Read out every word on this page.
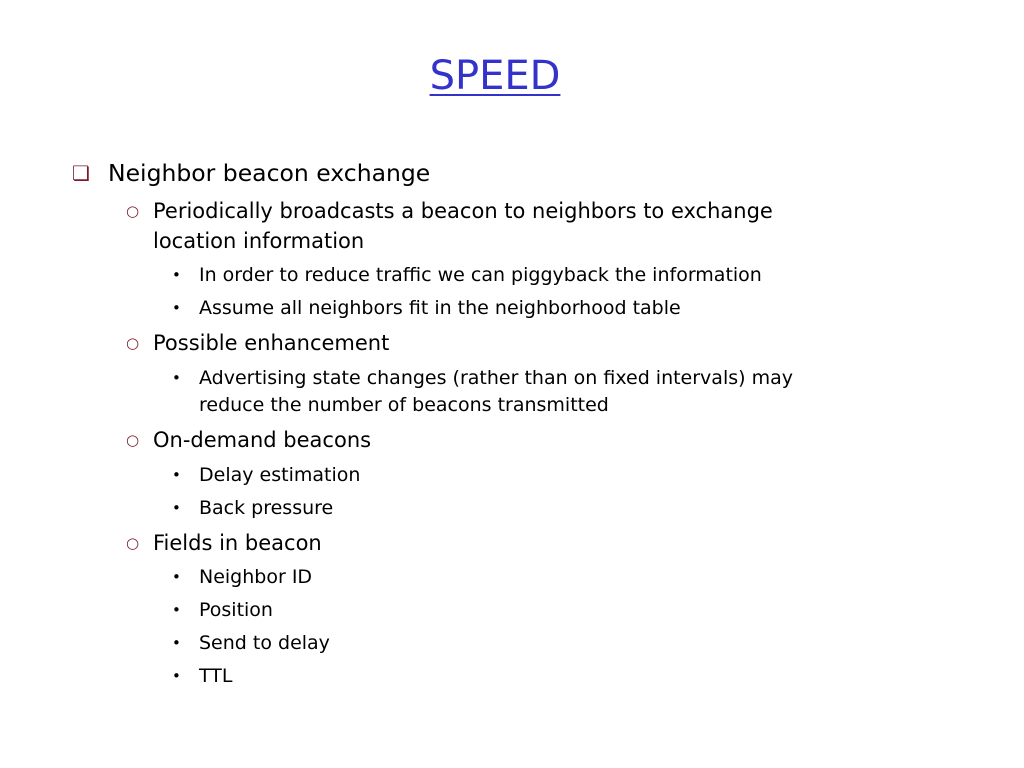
SPEED
❏ Neighbor beacon exchange
○ Periodically broadcasts a beacon to neighbors to exchange
location information
• In order to reduce traffic we can piggyback the information
• Assume all neighbors fit in the neighborhood table
○ Possible enhancement
• Advertising state changes (rather than on fixed intervals) may
reduce the number of beacons transmitted
○ On-demand beacons
• Delay estimation
• Back pressure
○ Fields in beacon
• Neighbor ID
• Position
• Send to delay
• TTL
